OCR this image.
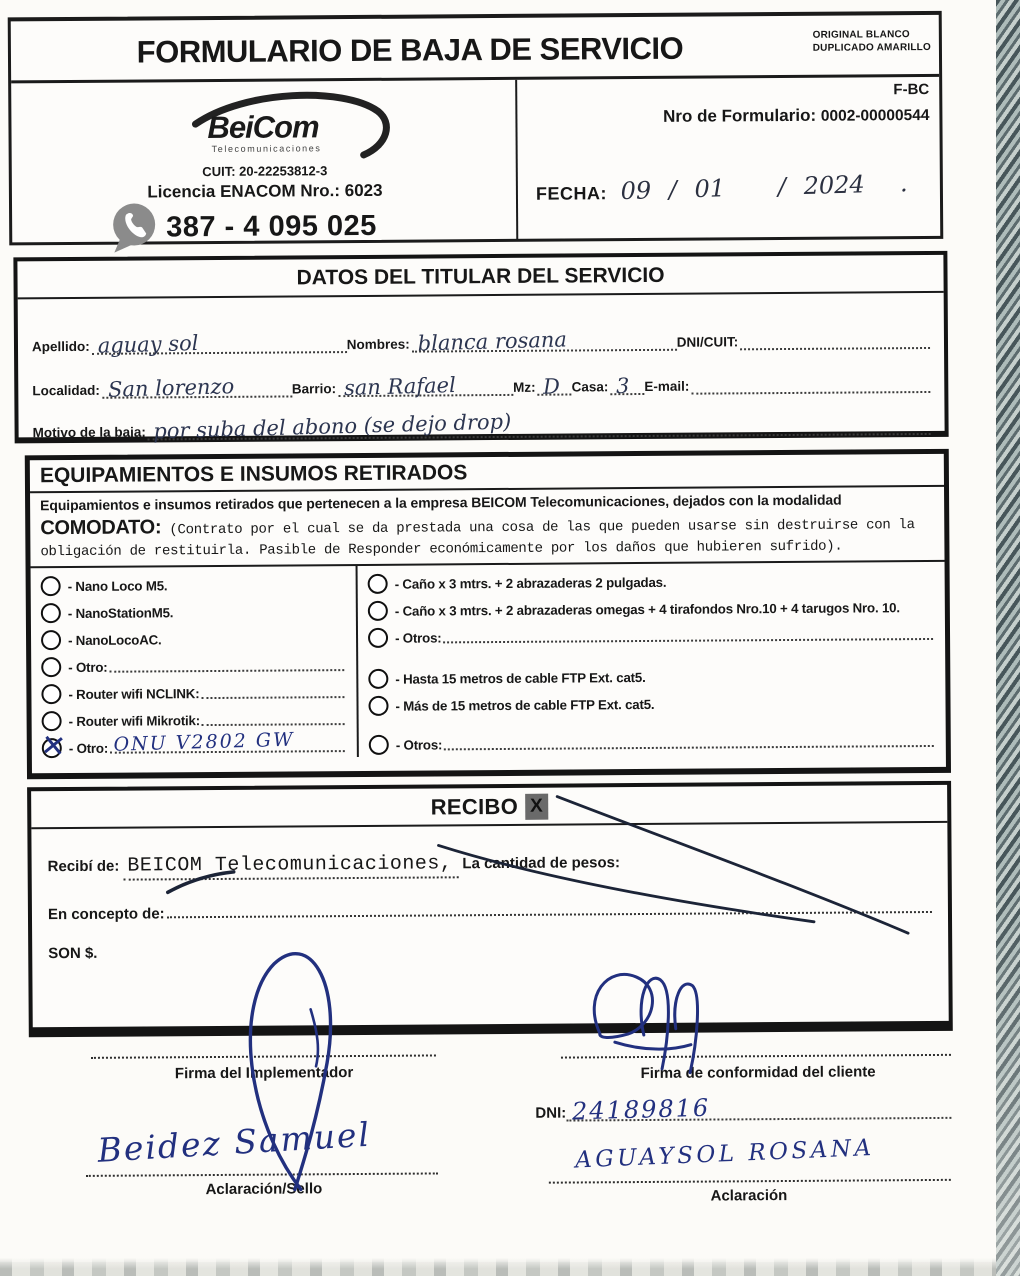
FORMULARIO DE BAJA DE SERVICIO	ORIGINAL BLANCO
DUPLICADO AMARILLO
BeiCom
Telecomunicaciones
CUIT: 20-22253812-3
Licencia ENACOM Nro.: 6023
387 - 4 095 025
F-BC
Nro de Formulario: 0002-00000544
FECHA: 09 / 01   / 2024  .
DATOS DEL TITULAR DEL SERVICIO
Apellido: aguay sol	Nombres: blanca rosana	DNI/CUIT:
Localidad: San lorenzo	Barrio: san Rafael	Mz: D Casa: 3 E-mail:
Motivo de la baja: por suba del abono (se dejo drop)
EQUIPAMIENTOS E INSUMOS RETIRADOS
Equipamientos e insumos retirados que pertenecen a la empresa BEICOM Telecomunicaciones, dejados con la modalidad
COMODATO: (Contrato por el cual se da prestada una cosa de las que pueden usarse sin destruirse con la obligación de restituirla. Pasible de Responder económicamente por los daños que hubieren sufrido).
- Nano Loco M5.
- NanoStationM5.
- NanoLocoAC.
- Otro:
- Router wifi NCLINK:
- Router wifi Mikrotik:
✕ - Otro: ONU V2802 GW
- Caño x 3 mtrs. + 2 abrazaderas 2 pulgadas.
- Caño x 3 mtrs. + 2 abrazaderas omegas + 4 tirafondos Nro.10 + 4 tarugos Nro. 10.
- Otros:
- Hasta 15 metros de cable FTP Ext. cat5.
- Más de 15 metros de cable FTP Ext. cat5.
- Otros:
RECIBO X
Recibí de: BEICOM Telecomunicaciones, La cantidad de pesos:
En concepto de:
SON $.
Firma del Implementador	Firma de conformidad del cliente
DNI: 24189816
Beidez Samuel
Aclaración/Sello
AGUAYSOL ROSANA
Aclaración
